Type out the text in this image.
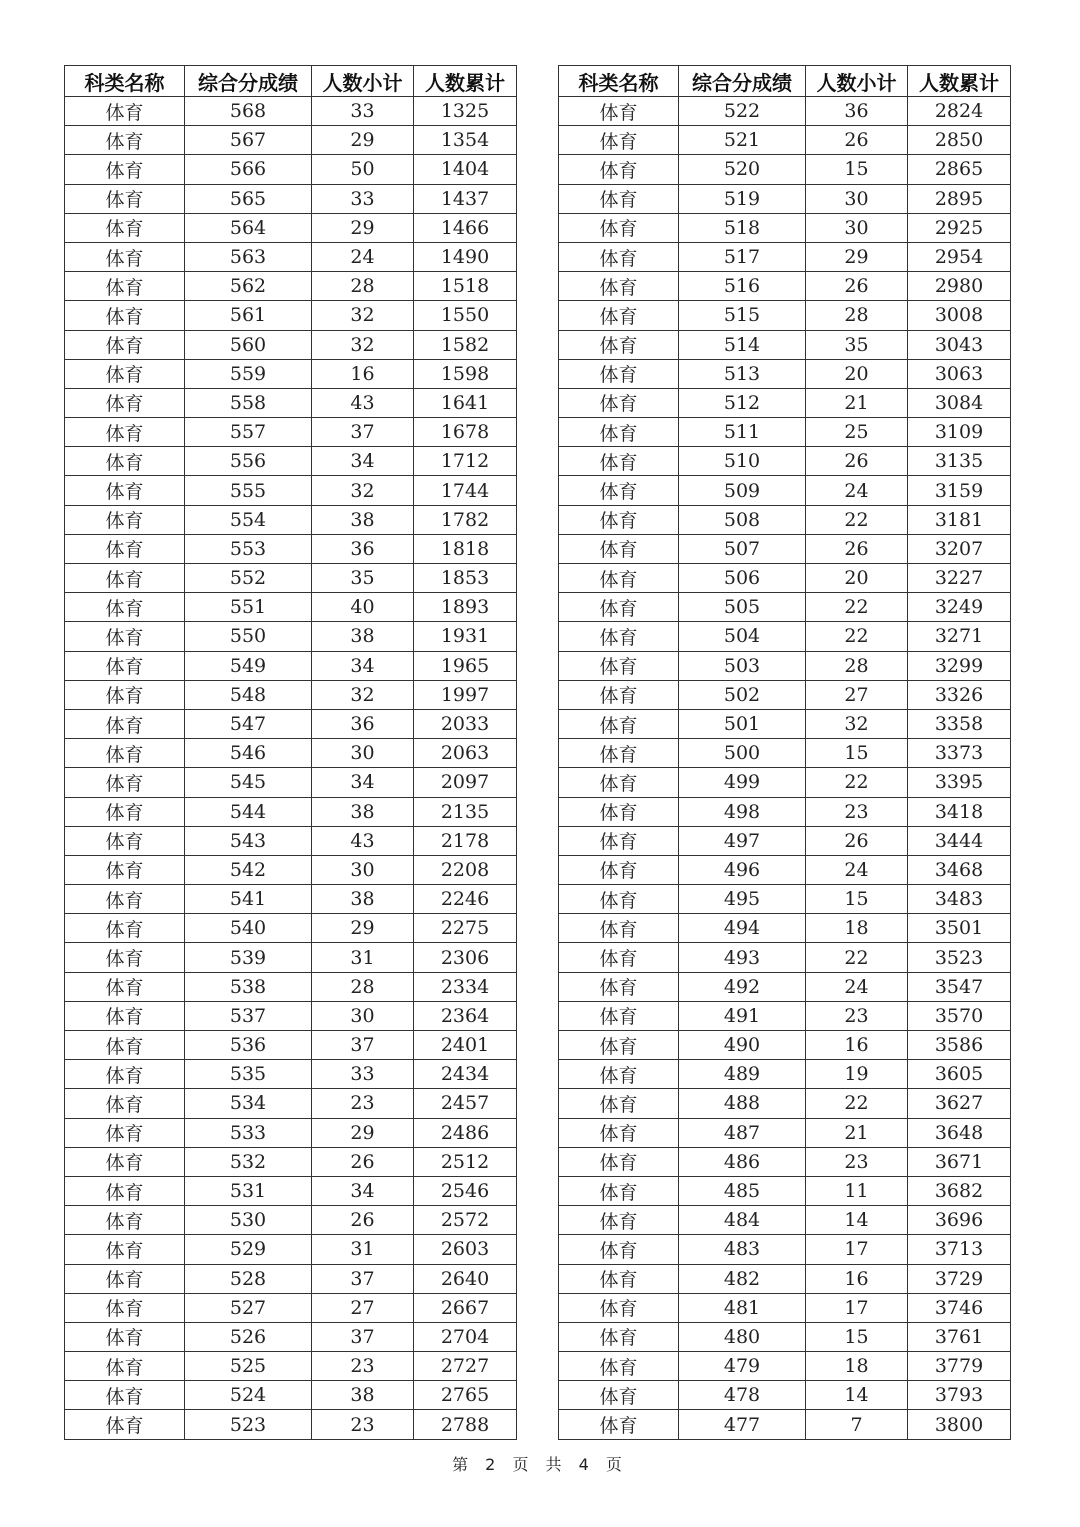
科类名称	综合分成绩	人数小计	人数累计
体育	568	33	1325
体育	567	29	1354
体育	566	50	1404
体育	565	33	1437
体育	564	29	1466
体育	563	24	1490
体育	562	28	1518
体育	561	32	1550
体育	560	32	1582
体育	559	16	1598
体育	558	43	1641
体育	557	37	1678
体育	556	34	1712
体育	555	32	1744
体育	554	38	1782
体育	553	36	1818
体育	552	35	1853
体育	551	40	1893
体育	550	38	1931
体育	549	34	1965
体育	548	32	1997
体育	547	36	2033
体育	546	30	2063
体育	545	34	2097
体育	544	38	2135
体育	543	43	2178
体育	542	30	2208
体育	541	38	2246
体育	540	29	2275
体育	539	31	2306
体育	538	28	2334
体育	537	30	2364
体育	536	37	2401
体育	535	33	2434
体育	534	23	2457
体育	533	29	2486
体育	532	26	2512
体育	531	34	2546
体育	530	26	2572
体育	529	31	2603
体育	528	37	2640
体育	527	27	2667
体育	526	37	2704
体育	525	23	2727
体育	524	38	2765
体育	523	23	2788
科类名称	综合分成绩	人数小计	人数累计
体育	522	36	2824
体育	521	26	2850
体育	520	15	2865
体育	519	30	2895
体育	518	30	2925
体育	517	29	2954
体育	516	26	2980
体育	515	28	3008
体育	514	35	3043
体育	513	20	3063
体育	512	21	3084
体育	511	25	3109
体育	510	26	3135
体育	509	24	3159
体育	508	22	3181
体育	507	26	3207
体育	506	20	3227
体育	505	22	3249
体育	504	22	3271
体育	503	28	3299
体育	502	27	3326
体育	501	32	3358
体育	500	15	3373
体育	499	22	3395
体育	498	23	3418
体育	497	26	3444
体育	496	24	3468
体育	495	15	3483
体育	494	18	3501
体育	493	22	3523
体育	492	24	3547
体育	491	23	3570
体育	490	16	3586
体育	489	19	3605
体育	488	22	3627
体育	487	21	3648
体育	486	23	3671
体育	485	11	3682
体育	484	14	3696
体育	483	17	3713
体育	482	16	3729
体育	481	17	3746
体育	480	15	3761
体育	479	18	3779
体育	478	14	3793
体育	477	7	3800
第 2 页 共 4 页
